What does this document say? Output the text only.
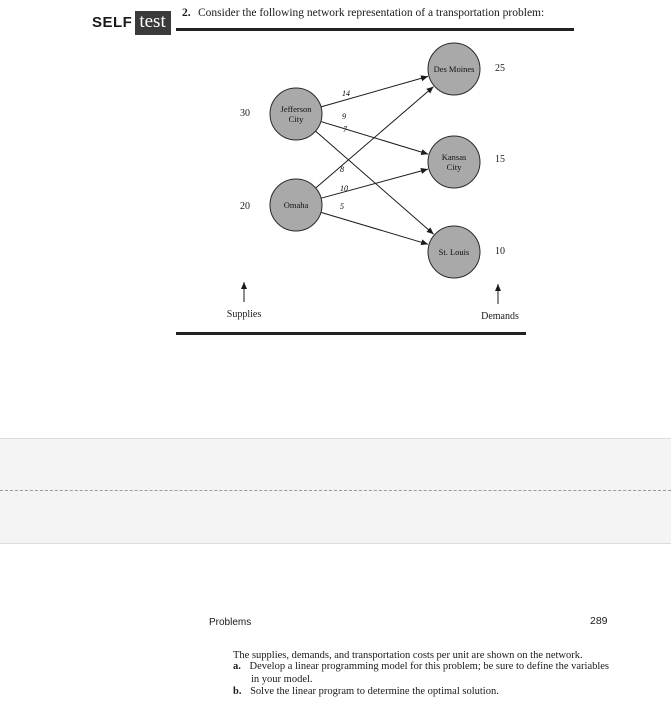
SELF test	2. Consider the following network representation of a transportation problem:
14
9
7
8
10
5
Jefferson
City
Omaha
Des Moines
Kansas
City
St. Louis
30
20
25
15
10
Supplies	Demands
Problems	289
The supplies, demands, and transportation costs per unit are shown on the network.
a. Develop a linear programming model for this problem; be sure to define the variables
in your model.
b. Solve the linear program to determine the optimal solution.
